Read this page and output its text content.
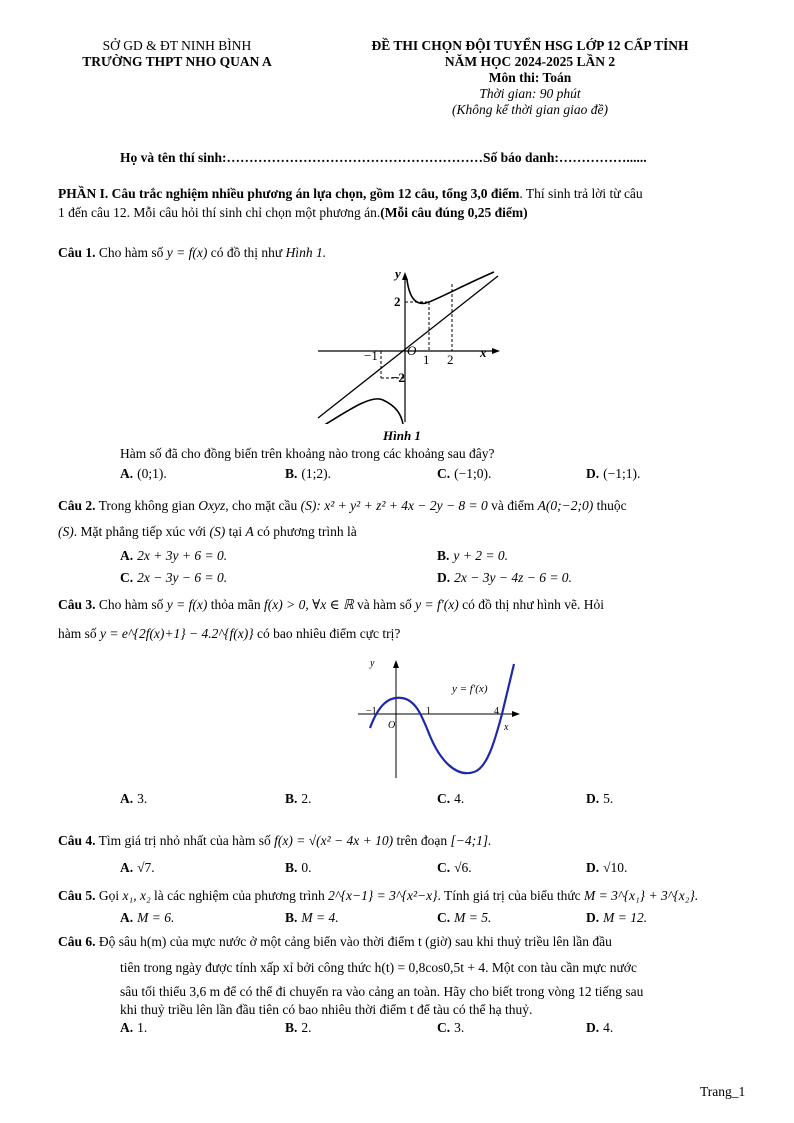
SỞ GD & ĐT NINH BÌNH
TRƯỜNG THPT NHO QUAN A
ĐỀ THI CHỌN ĐỘI TUYỂN HSG LỚP 12 CẤP TỈNH
NĂM HỌC 2024-2025 LẦN 2
Môn thi: Toán
Thời gian: 90 phút
(Không kể thời gian giao đề)
Họ và tên thí sinh:…………………………………………………Số báo danh:……………......
PHẦN I. Câu trắc nghiệm nhiều phương án lựa chọn, gồm 12 câu, tổng 3,0 điểm. Thí sinh trả lời từ câu
1 đến câu 12. Mỗi câu hỏi thí sinh chỉ chọn một phương án.(Mỗi câu đúng 0,25 điểm)
Câu 1. Cho hàm số y = f(x) có đồ thị như Hình 1.
y
2
−1 O
1 2 x
−2
Hình 1
Hàm số đã cho đồng biến trên khoảng nào trong các khoảng sau đây?
A. (0;1).	B. (1;2).	C. (−1;0).	D. (−1;1).
Câu 2. Trong không gian Oxyz, cho mặt cầu (S): x² + y² + z² + 4x − 2y − 8 = 0 và điểm A(0;−2;0) thuộc
(S). Mặt phẳng tiếp xúc với (S) tại A có phương trình là
A. 2x + 3y + 6 = 0.	B. y + 2 = 0.
C. 2x − 3y − 6 = 0.	D. 2x − 3y − 4z − 6 = 0.
Câu 3. Cho hàm số y = f(x) thỏa mãn f(x) > 0, ∀x ∈ ℝ và hàm số y = f′(x) có đồ thị như hình vẽ. Hỏi
hàm số y = e^{2f(x)+1} − 4.2^{f(x)} có bao nhiêu điểm cực trị?
y
y = f′(x)
−1	1	4
O	x
A. 3.	B. 2.	C. 4.	D. 5.
Câu 4. Tìm giá trị nhỏ nhất của hàm số f(x) = √(x² − 4x + 10) trên đoạn [−4;1].
A. √7.	B. 0.	C. √6.	D. √10.
Câu 5. Gọi x₁, x₂ là các nghiệm của phương trình 2^{x−1} = 3^{x²−x}. Tính giá trị của biểu thức M = 3^{x₁} + 3^{x₂}.
A. M = 6.	B. M = 4.	C. M = 5.	D. M = 12.
Câu 6. Độ sâu h(m) của mực nước ở một cảng biển vào thời điểm t (giờ) sau khi thuỷ triều lên lần đầu
tiên trong ngày được tính xấp xỉ bởi công thức h(t) = 0,8cos0,5t + 4. Một con tàu cần mực nước
sâu tối thiểu 3,6 m để có thể đi chuyển ra vào cảng an toàn. Hãy cho biết trong vòng 12 tiếng sau
khi thuỷ triều lên lần đầu tiên có bao nhiêu thời điểm t để tàu có thể hạ thuỷ.
A. 1.	B. 2.	C. 3.	D. 4.
Trang_1
